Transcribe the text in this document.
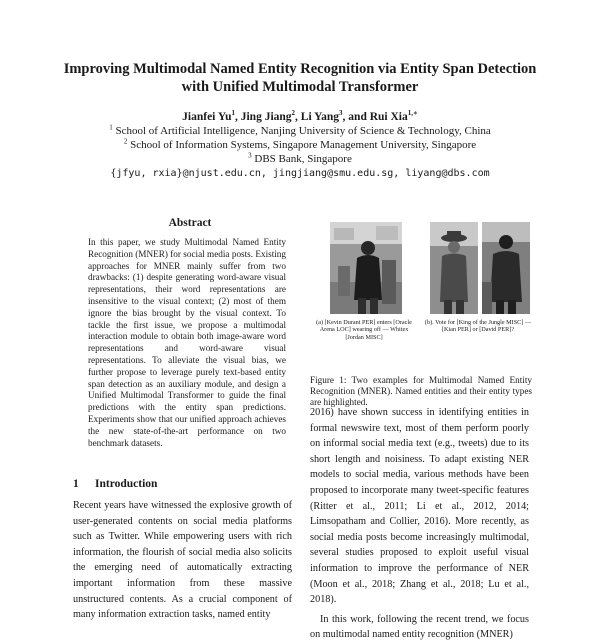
Improving Multimodal Named Entity Recognition via Entity Span Detection with Unified Multimodal Transformer
Jianfei Yu$^1$, Jing Jiang$^2$, Li Yang$^3$, and Rui Xia$^{1,∗}$
$^1$ School of Artificial Intelligence, Nanjing University of Science & Technology, China
$^2$ School of Information Systems, Singapore Management University, Singapore
$^3$ DBS Bank, Singapore
{jfyu, rxia}@njust.edu.cn, jingjiang@smu.edu.sg, liyang@dbs.com
Abstract
In this paper, we study Multimodal Named Entity Recognition (MNER) for social media posts. Existing approaches for MNER mainly suffer from two drawbacks: (1) despite generating word-aware visual representations, their word representations are insensitive to the visual context; (2) most of them ignore the bias brought by the visual context. To tackle the first issue, we propose a multimodal interaction module to obtain both image-aware word representations and word-aware visual representations. To alleviate the visual bias, we further propose to leverage purely text-based entity span detection as an auxiliary module, and design a Unified Multimodal Transformer to guide the final predictions with the entity span predictions. Experiments show that our unified approach achieves the new state-of-the-art performance on two benchmark datasets.
1 Introduction
Recent years have witnessed the explosive growth of user-generated contents on social media platforms such as Twitter. While empowering users with rich information, the flourish of social media also solicits the emerging need of automatically extracting important information from these massive unstructured contents. As a crucial component of many information extraction tasks, named entity
(a) [Kevin Durant PER] enters [Oracle Arena LOC] wearing off — Whitex [Jordan MISC]
(b). Vote for [King of the Jungle MISC] — [Kian PER] or [David PER]?
Figure 1: Two examples for Multimodal Named Entity Recognition (MNER). Named entities and their entity types are highlighted.

2016) have shown success in identifying entities in formal newswire text, most of them perform poorly on informal social media text (e.g., tweets) due to its short length and noisiness. To adapt existing NER models to social media, various methods have been proposed to incorporate many tweet-specific features (Ritter et al., 2011; Li et al., 2012, 2014; Limsopatham and Collier, 2016). More recently, as social media posts become increasingly multimodal, several studies proposed to exploit useful visual information to improve the performance of NER (Moon et al., 2018; Zhang et al., 2018; Lu et al., 2018).

In this work, following the recent trend, we focus on multimodal named entity recognition (MNER)
